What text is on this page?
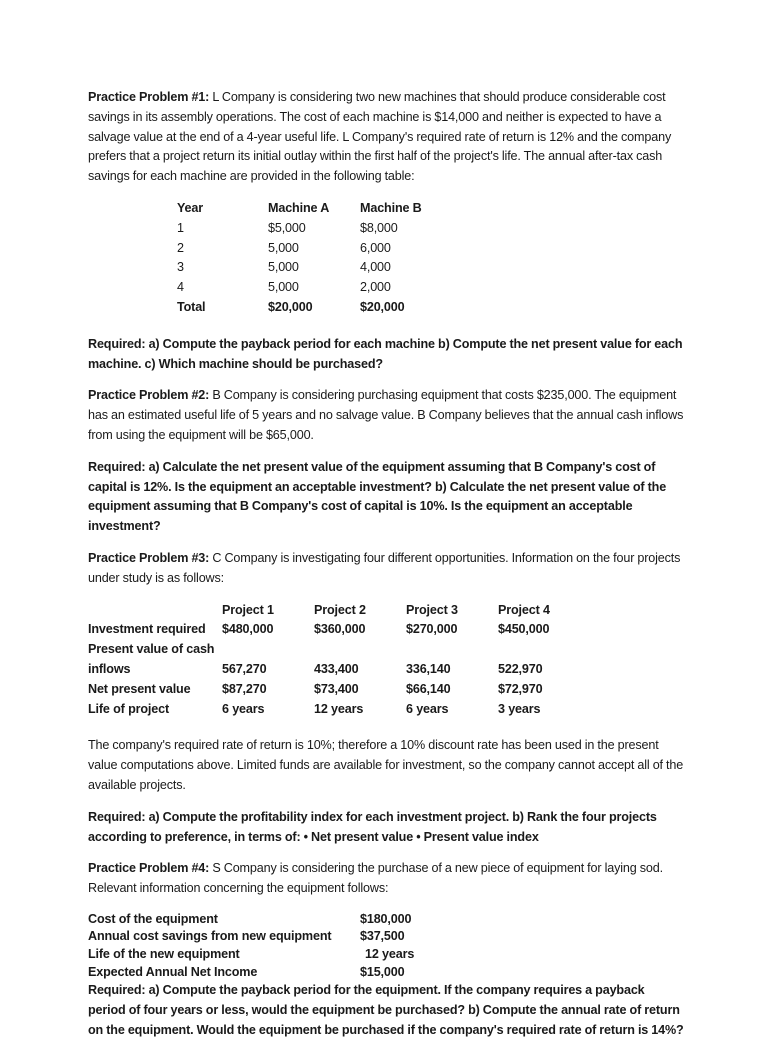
Practice Problem #1: L Company is considering two new machines that should produce considerable cost savings in its assembly operations. The cost of each machine is $14,000 and neither is expected to have a salvage value at the end of a 4-year useful life. L Company's required rate of return is 12% and the company prefers that a project return its initial outlay within the first half of the project's life. The annual after-tax cash savings for each machine are provided in the following table:

Year	Machine A	Machine B
1	$5,000	$8,000
2	5,000	6,000
3	5,000	4,000
4	5,000	2,000
Total	$20,000	$20,000

Required: a) Compute the payback period for each machine b) Compute the net present value for each machine. c) Which machine should be purchased?

Practice Problem #2: B Company is considering purchasing equipment that costs $235,000. The equipment has an estimated useful life of 5 years and no salvage value. B Company believes that the annual cash inflows from using the equipment will be $65,000.

Required: a) Calculate the net present value of the equipment assuming that B Company's cost of capital is 12%. Is the equipment an acceptable investment? b) Calculate the net present value of the equipment assuming that B Company's cost of capital is 10%. Is the equipment an acceptable investment?

Practice Problem #3: C Company is investigating four different opportunities. Information on the four projects under study is as follows:

	Project 1	Project 2	Project 3	Project 4
Investment required	$480,000	$360,000	$270,000	$450,000
Present value of cash				
inflows	567,270	433,400	336,140	522,970
Net present value	$87,270	$73,400	$66,140	$72,970
Life of project	6 years	12 years	6 years	3 years

The company's required rate of return is 10%; therefore a 10% discount rate has been used in the present value computations above. Limited funds are available for investment, so the company cannot accept all of the available projects.

Required: a) Compute the profitability index for each investment project. b) Rank the four projects according to preference, in terms of: • Net present value • Present value index

Practice Problem #4: S Company is considering the purchase of a new piece of equipment for laying sod. Relevant information concerning the equipment follows:

Cost of the equipment	$180,000
Annual cost savings from new equipment	$37,500
Life of the new equipment	12 years
Expected Annual Net Income	$15,000

Required: a) Compute the payback period for the equipment. If the company requires a payback period of four years or less, would the equipment be purchased? b) Compute the annual rate of return on the equipment. Would the equipment be purchased if the company's required rate of return is 14%?
